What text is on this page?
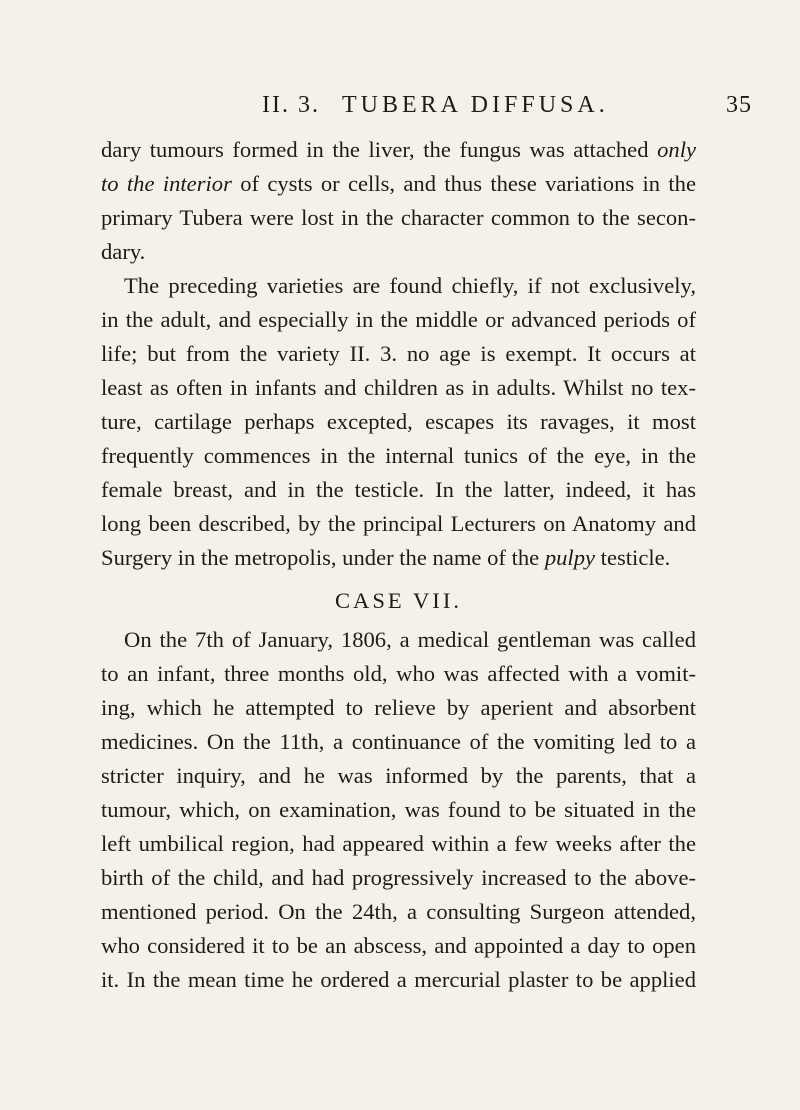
II. 3. TUBERA DIFFUSA.	35
dary tumours formed in the liver, the fungus was attached only
to the interior of cysts or cells, and thus these variations in the
primary Tubera were lost in the character common to the secon-
dary.
The preceding varieties are found chiefly, if not exclusively,
in the adult, and especially in the middle or advanced periods of
life; but from the variety II. 3. no age is exempt. It occurs at
least as often in infants and children as in adults. Whilst no tex-
ture, cartilage perhaps excepted, escapes its ravages, it most
frequently commences in the internal tunics of the eye, in the
female breast, and in the testicle. In the latter, indeed, it has
long been described, by the principal Lecturers on Anatomy and
Surgery in the metropolis, under the name of the pulpy testicle.
CASE VII.
On the 7th of January, 1806, a medical gentleman was called
to an infant, three months old, who was affected with a vomit-
ing, which he attempted to relieve by aperient and absorbent
medicines. On the 11th, a continuance of the vomiting led to a
stricter inquiry, and he was informed by the parents, that a
tumour, which, on examination, was found to be situated in the
left umbilical region, had appeared within a few weeks after the
birth of the child, and had progressively increased to the above-
mentioned period. On the 24th, a consulting Surgeon attended,
who considered it to be an abscess, and appointed a day to open
it. In the mean time he ordered a mercurial plaster to be applied
